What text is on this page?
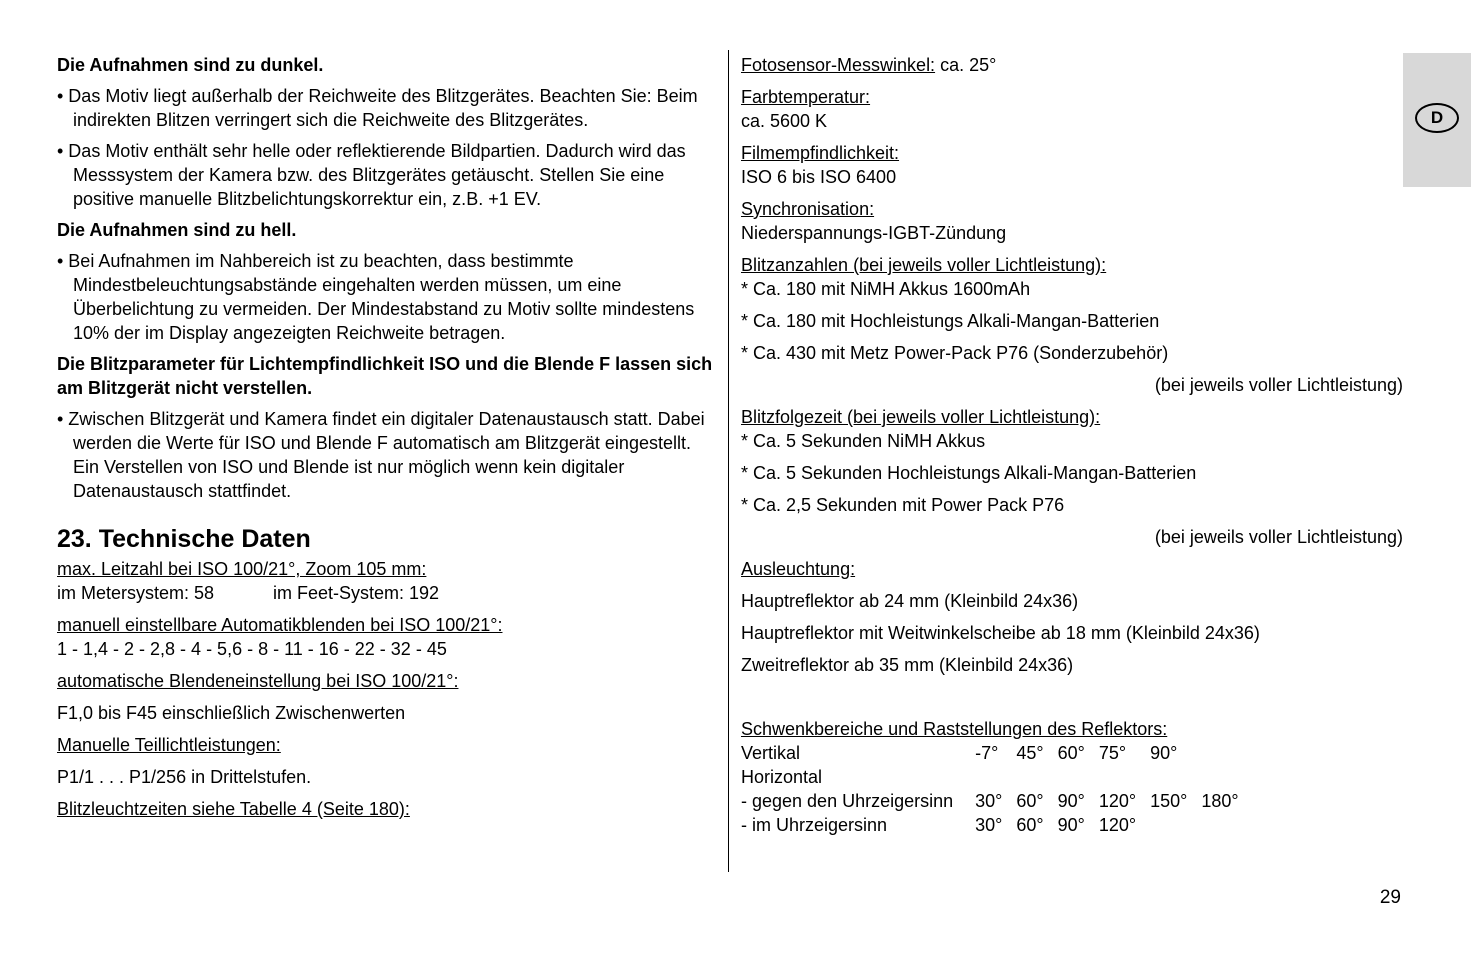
D
Die Aufnahmen sind zu dunkel.
• Das Motiv liegt außerhalb der Reichweite des Blitzgerätes. Beachten Sie: Beim indirekten Blitzen verringert sich die Reichweite des Blitzgerätes.
• Das Motiv enthält sehr helle oder reflektierende Bildpartien. Dadurch wird das Messsystem der Kamera bzw. des Blitzgerätes getäuscht. Stellen Sie eine positive manuelle Blitzbelichtungskorrektur ein, z.B. +1 EV.
Die Aufnahmen sind zu hell.
• Bei Aufnahmen im Nahbereich ist zu beachten, dass bestimmte Mindestbeleuchtungsabstände eingehalten werden müssen, um eine Überbelichtung zu vermeiden. Der Mindestabstand zu Motiv sollte mindestens 10% der im Display angezeigten Reichweite betragen.
Die Blitzparameter für Lichtempfindlichkeit ISO und die Blende F lassen sich am Blitzgerät nicht verstellen.
• Zwischen Blitzgerät und Kamera findet ein digitaler Datenaustausch statt. Dabei werden die Werte für ISO und Blende F automatisch am Blitzgerät eingestellt. Ein Verstellen von ISO und Blende ist nur möglich wenn kein digitaler Datenaustausch stattfindet.
23. Technische Daten
max. Leitzahl bei ISO 100/21°, Zoom 105 mm:
im Metersystem: 58	im Feet-System: 192
manuell einstellbare Automatikblenden bei ISO 100/21°:
1 - 1,4 - 2 - 2,8 - 4 - 5,6 - 8 - 11 - 16 - 22 - 32 - 45
automatische Blendeneinstellung bei ISO 100/21°:
F1,0 bis F45 einschließlich Zwischenwerten
Manuelle Teillichtleistungen:
P1/1 . . . P1/256 in Drittelstufen.
Blitzleuchtzeiten siehe Tabelle 4 (Seite 180):
Fotosensor-Messwinkel: ca. 25°
Farbtemperatur:
ca. 5600 K
Filmempfindlichkeit:
ISO 6 bis ISO 6400
Synchronisation:
Niederspannungs-IGBT-Zündung
Blitzanzahlen (bei jeweils voller Lichtleistung):
* Ca. 180 mit NiMH Akkus 1600mAh
* Ca. 180 mit Hochleistungs Alkali-Mangan-Batterien
* Ca. 430 mit Metz Power-Pack P76 (Sonderzubehör)
(bei jeweils voller Lichtleistung)
Blitzfolgezeit (bei jeweils voller Lichtleistung):
* Ca. 5 Sekunden NiMH Akkus
* Ca. 5 Sekunden Hochleistungs Alkali-Mangan-Batterien
* Ca. 2,5 Sekunden mit Power Pack P76
(bei jeweils voller Lichtleistung)
Ausleuchtung:
Hauptreflektor ab 24 mm (Kleinbild 24x36)
Hauptreflektor mit Weitwinkelscheibe ab 18 mm (Kleinbild 24x36)
Zweitreflektor ab 35 mm (Kleinbild 24x36)
Schwenkbereiche und Raststellungen des Reflektors:
Vertikal	-7°	45°	60°	75°	90°	
Horizontal						
- gegen den Uhrzeigersinn	30°	60°	90°	120°	150°	180°
- im Uhrzeigersinn	30°	60°	90°	120°		
29
